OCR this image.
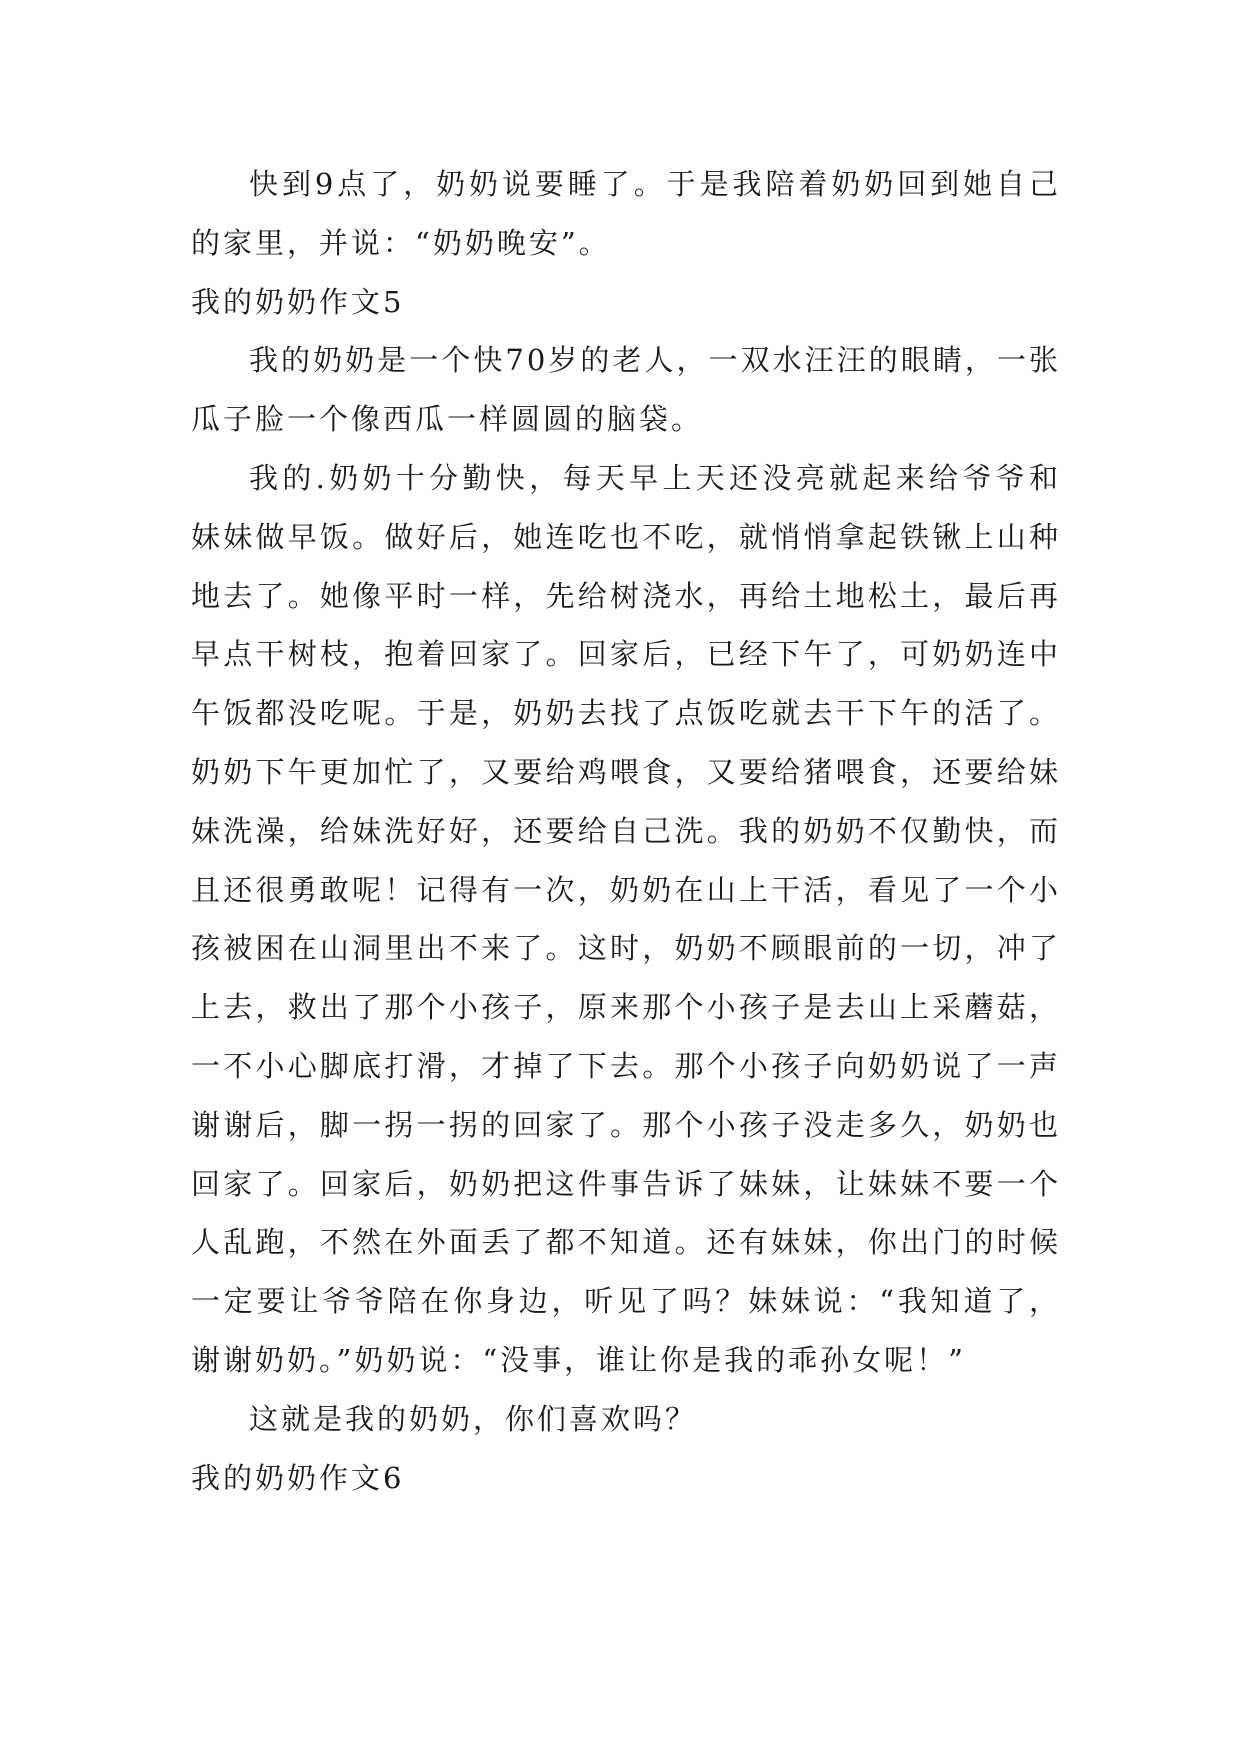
快到9点了，奶奶说要睡了。于是我陪着奶奶回到她自己的家里，并说：“奶奶晚安”。

我的奶奶作文5

我的奶奶是一个快70岁的老人，一双水汪汪的眼睛，一张瓜子脸一个像西瓜一样圆圆的脑袋。

我的.奶奶十分勤快，每天早上天还没亮就起来给爷爷和妹妹做早饭。做好后，她连吃也不吃，就悄悄拿起铁锹上山种地去了。她像平时一样，先给树浇水，再给土地松土，最后再早点干树枝，抱着回家了。回家后，已经下午了，可奶奶连中午饭都没吃呢。于是，奶奶去找了点饭吃就去干下午的活了。奶奶下午更加忙了，又要给鸡喂食，又要给猪喂食，还要给妹妹洗澡，给妹洗好好，还要给自己洗。我的奶奶不仅勤快，而且还很勇敢呢！记得有一次，奶奶在山上干活，看见了一个小孩被困在山洞里出不来了。这时，奶奶不顾眼前的一切，冲了上去，救出了那个小孩子，原来那个小孩子是去山上采蘑菇，一不小心脚底打滑，才掉了下去。那个小孩子向奶奶说了一声谢谢后，脚一拐一拐的回家了。那个小孩子没走多久，奶奶也回家了。回家后，奶奶把这件事告诉了妹妹，让妹妹不要一个人乱跑，不然在外面丢了都不知道。还有妹妹，你出门的时候一定要让爷爷陪在你身边，听见了吗？妹妹说：“我知道了，谢谢奶奶。”奶奶说：“没事，谁让你是我的乖孙女呢！”

这就是我的奶奶，你们喜欢吗？

我的奶奶作文6
